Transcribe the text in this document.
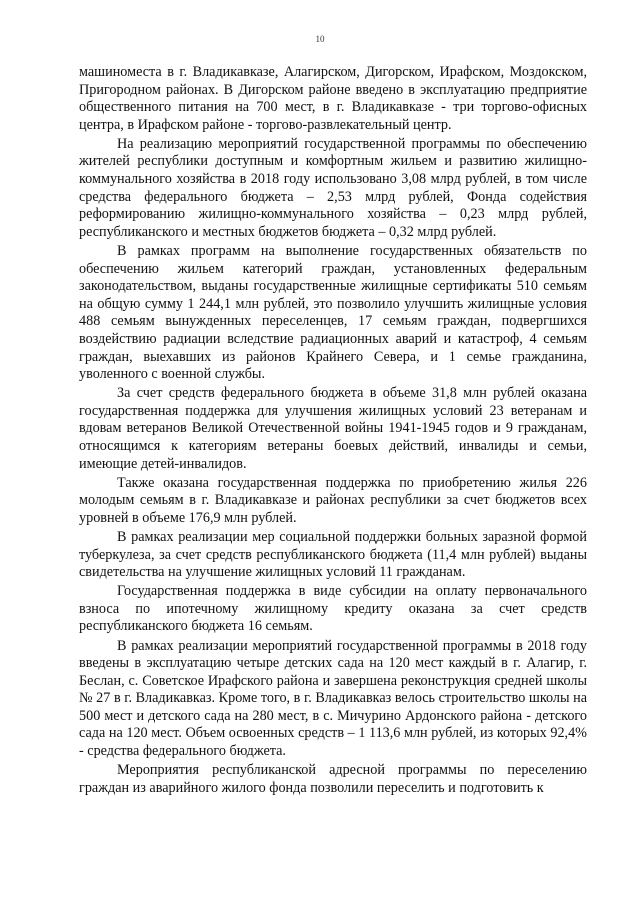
10

машиноместа в г. Владикавказе, Алагирском, Дигорском, Ирафском, Моздокском, Пригородном районах. В Дигорском районе введено в эксплуатацию предприятие общественного питания на 700 мест, в г. Владикавказе - три торгово-офисных центра, в Ирафском районе - торгово-развлекательный центр.

На реализацию мероприятий государственной программы по обеспечению жителей республики доступным и комфортным жильем и развитию жилищно-коммунального хозяйства в 2018 году использовано 3,08 млрд рублей, в том числе средства федерального бюджета – 2,53 млрд рублей, Фонда содействия реформированию жилищно-коммунального хозяйства – 0,23 млрд рублей, республиканского и местных бюджетов бюджета – 0,32 млрд рублей.

В рамках программ на выполнение государственных обязательств по обеспечению жильем категорий граждан, установленных федеральным законодательством, выданы государственные жилищные сертификаты 510 семьям на общую сумму 1 244,1 млн рублей, это позволило улучшить жилищные условия 488 семьям вынужденных переселенцев, 17 семьям граждан, подвергшихся воздействию радиации вследствие радиационных аварий и катастроф, 4 семьям граждан, выехавших из районов Крайнего Севера, и 1 семье гражданина, уволенного с военной службы.

За счет средств федерального бюджета в объеме 31,8 млн рублей оказана государственная поддержка для улучшения жилищных условий 23 ветеранам и вдовам ветеранов Великой Отечественной войны 1941-1945 годов и 9 гражданам, относящимся к категориям ветераны боевых действий, инвалиды и семьи, имеющие детей-инвалидов.

Также оказана государственная поддержка по приобретению жилья 226 молодым семьям в г. Владикавказе и районах республики за счет бюджетов всех уровней в объеме 176,9 млн рублей.

В рамках реализации мер социальной поддержки больных заразной формой туберкулеза, за счет средств республиканского бюджета (11,4 млн рублей) выданы свидетельства на улучшение жилищных условий 11 гражданам.

Государственная поддержка в виде субсидии на оплату первоначального взноса по ипотечному жилищному кредиту оказана за счет средств республиканского бюджета 16 семьям.

В рамках реализации мероприятий государственной программы в 2018 году введены в эксплуатацию четыре детских сада на 120 мест каждый в г. Алагир, г. Беслан, с. Советское Ирафского района и завершена реконструкция средней школы № 27 в г. Владикавказ. Кроме того, в г. Владикавказ велось строительство школы на 500 мест и детского сада на 280 мест, в с. Мичурино Ардонского района - детского сада на 120 мест. Объем освоенных средств – 1 113,6 млн рублей, из которых 92,4% - средства федерального бюджета.

Мероприятия республиканской адресной программы по переселению граждан из аварийного жилого фонда позволили переселить и подготовить к
